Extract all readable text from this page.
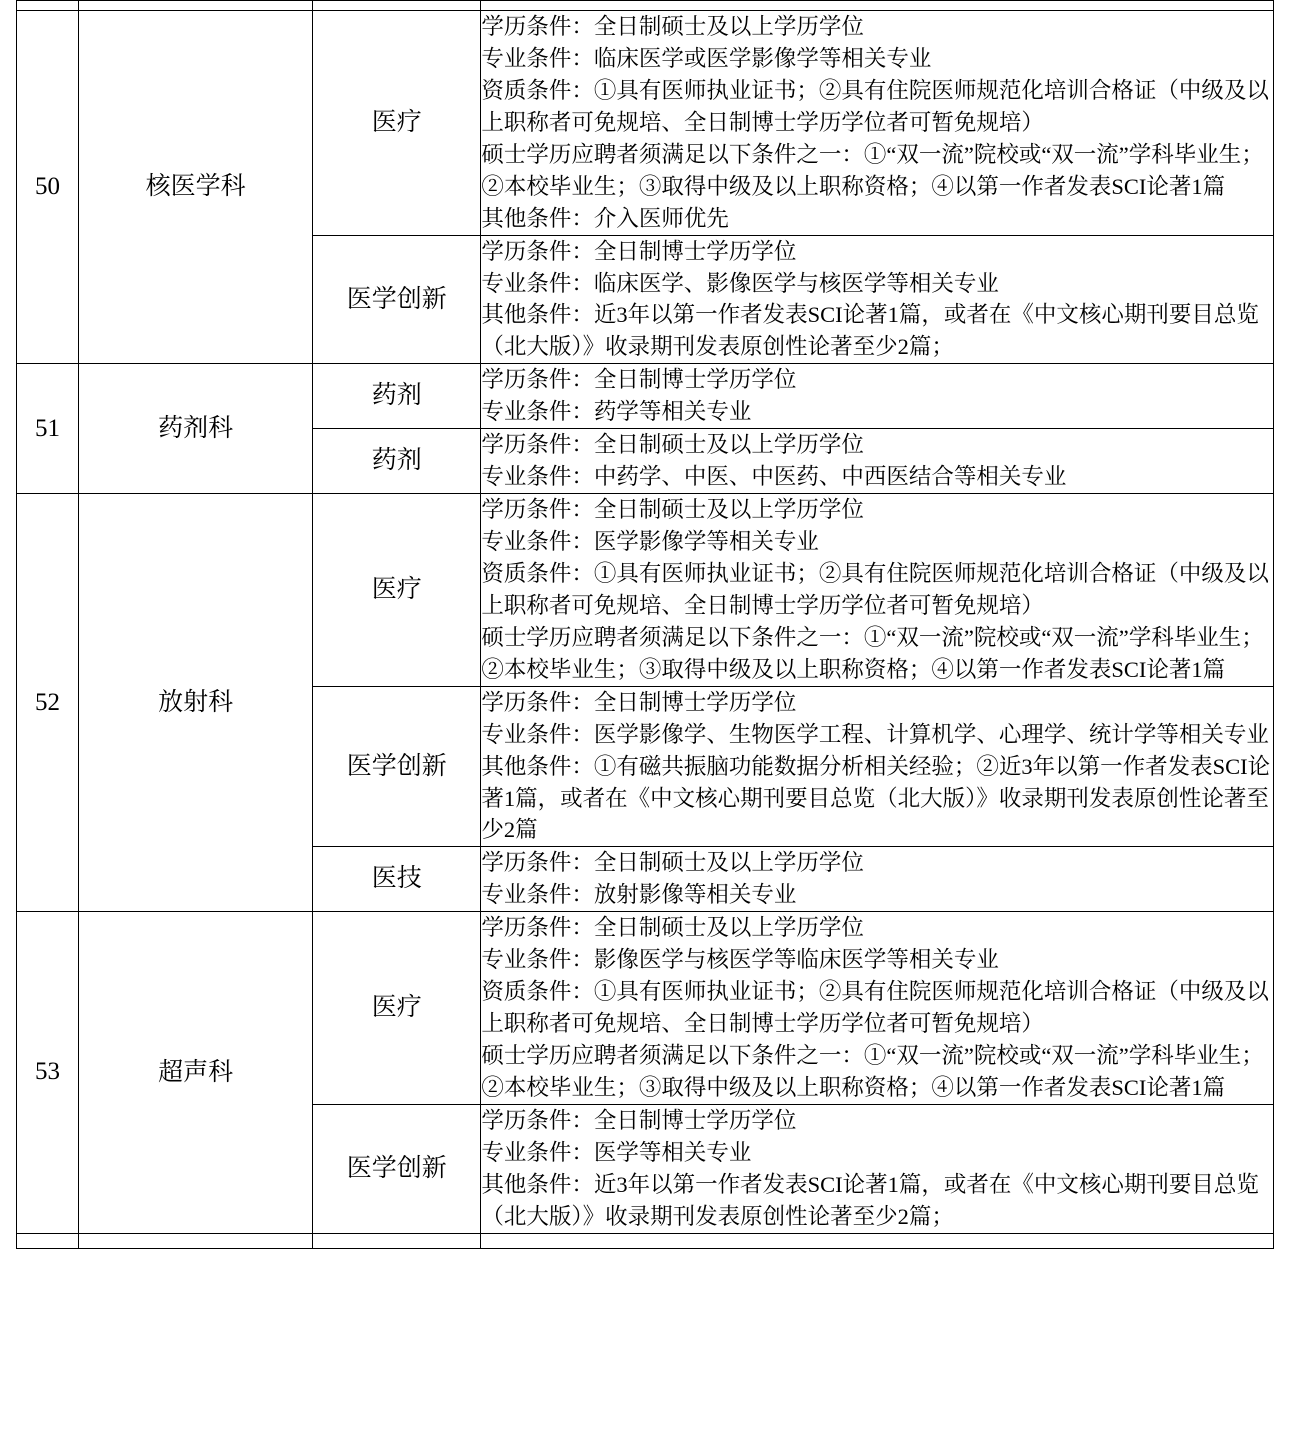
50	核医学科	医疗	学历条件：全日制硕士及以上学历学位
专业条件：临床医学或医学影像学等相关专业
资质条件：①具有医师执业证书；②具有住院医师规范化培训合格证（中级及以上职称者可免规培、全日制博士学历学位者可暂免规培）
硕士学历应聘者须满足以下条件之一：①“双一流”院校或“双一流”学科毕业生；②本校毕业生；③取得中级及以上职称资格；④以第一作者发表SCI论著1篇
其他条件：介入医师优先

		医学创新	学历条件：全日制博士学历学位
专业条件：临床医学、影像医学与核医学等相关专业
其他条件：近3年以第一作者发表SCI论著1篇，或者在《中文核心期刊要目总览（北大版）》收录期刊发表原创性论著至少2篇；

51	药剂科	药剂	学历条件：全日制博士学历学位
专业条件：药学等相关专业

		药剂	学历条件：全日制硕士及以上学历学位
专业条件：中药学、中医、中医药、中西医结合等相关专业

52	放射科	医疗	学历条件：全日制硕士及以上学历学位
专业条件：医学影像学等相关专业
资质条件：①具有医师执业证书；②具有住院医师规范化培训合格证（中级及以上职称者可免规培、全日制博士学历学位者可暂免规培）
硕士学历应聘者须满足以下条件之一：①“双一流”院校或“双一流”学科毕业生；②本校毕业生；③取得中级及以上职称资格；④以第一作者发表SCI论著1篇

		医学创新	学历条件：全日制博士学历学位
专业条件：医学影像学、生物医学工程、计算机学、心理学、统计学等相关专业
其他条件：①有磁共振脑功能数据分析相关经验；②近3年以第一作者发表SCI论著1篇，或者在《中文核心期刊要目总览（北大版）》收录期刊发表原创性论著至少2篇

		医技	学历条件：全日制硕士及以上学历学位
专业条件：放射影像等相关专业

53	超声科	医疗	学历条件：全日制硕士及以上学历学位
专业条件：影像医学与核医学等临床医学等相关专业
资质条件：①具有医师执业证书；②具有住院医师规范化培训合格证（中级及以上职称者可免规培、全日制博士学历学位者可暂免规培）
硕士学历应聘者须满足以下条件之一：①“双一流”院校或“双一流”学科毕业生；②本校毕业生；③取得中级及以上职称资格；④以第一作者发表SCI论著1篇

		医学创新	学历条件：全日制博士学历学位
专业条件：医学等相关专业
其他条件：近3年以第一作者发表SCI论著1篇，或者在《中文核心期刊要目总览（北大版）》收录期刊发表原创性论著至少2篇；
